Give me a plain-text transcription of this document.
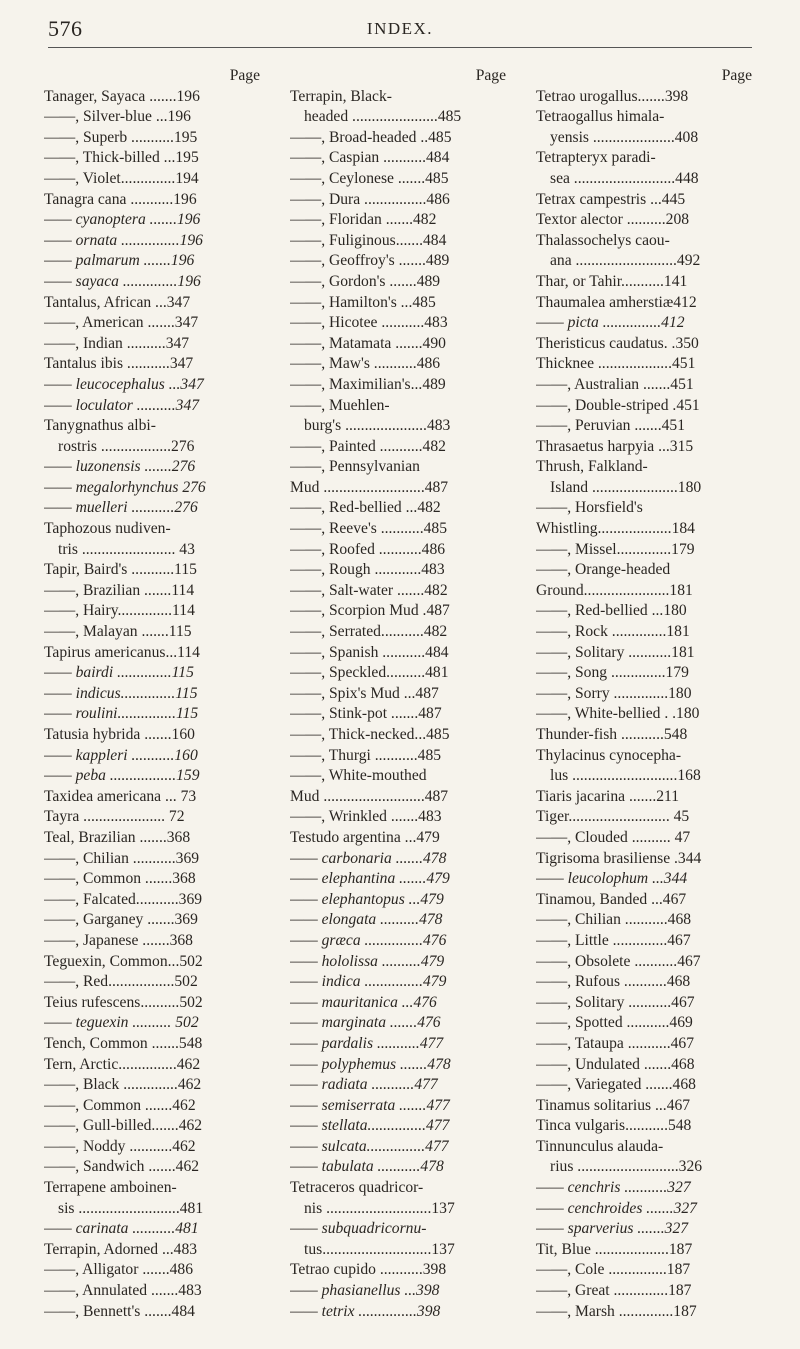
576	INDEX.
Page
Tanager, Sayaca .......196
——, Silver-blue ...196
——, Superb ...........195
——, Thick-billed ...195
——, Violet..............194
Tanagra cana ...........196
—— cyanoptera .......196
—— ornata ...............196
—— palmarum .......196
—— sayaca ..............196
Tantalus, African ...347
——, American .......347
——, Indian ..........347
Tantalus ibis ...........347
—— leucocephalus ...347
—— loculator ..........347
Tanygnathus albi-
rostris ..................276
—— luzonensis .......276
—— megalorhynchus 276
—— muelleri ...........276
Taphozous nudiven-
tris ........................ 43
Tapir, Baird's ...........115
——, Brazilian .......114
——, Hairy..............114
——, Malayan .......115
Tapirus americanus...114
—— bairdi ..............115
—— indicus..............115
—— roulini...............115
Tatusia hybrida .......160
—— kappleri ...........160
—— peba .................159
Taxidea americana ... 73
Tayra ..................... 72
Teal, Brazilian .......368
——, Chilian ...........369
——, Common .......368
——, Falcated...........369
——, Garganey .......369
——, Japanese .......368
Teguexin, Common...502
——, Red.................502
Teius rufescens..........502
—— teguexin .......... 502
Tench, Common .......548
Tern, Arctic...............462
——, Black ..............462
——, Common .......462
——, Gull-billed.......462
——, Noddy ...........462
——, Sandwich .......462
Terrapene amboinen-
sis ..........................481
—— carinata ...........481
Terrapin, Adorned ...483
——, Alligator .......486
——, Annulated .......483
——, Bennett's .......484
Page
Terrapin, Black-
headed ......................485
——, Broad-headed ..485
——, Caspian ...........484
——, Ceylonese .......485
——, Dura ................486
——, Floridan .......482
——, Fuliginous.......484
——, Geoffroy's .......489
——, Gordon's .......489
——, Hamilton's ...485
——, Hicotee ...........483
——, Matamata .......490
——, Maw's ...........486
——, Maximilian's...489
——, Muehlen-
burg's .....................483
——, Painted ...........482
——, Pennsylvanian
Mud ..........................487
——, Red-bellied ...482
——, Reeve's ...........485
——, Roofed ...........486
——, Rough ............483
——, Salt-water .......482
——, Scorpion Mud .487
——, Serrated...........482
——, Spanish ...........484
——, Speckled..........481
——, Spix's Mud ...487
——, Stink-pot .......487
——, Thick-necked...485
——, Thurgi ...........485
——, White-mouthed
Mud ..........................487
——, Wrinkled .......483
Testudo argentina ...479
—— carbonaria .......478
—— elephantina .......479
—— elephantopus ...479
—— elongata ..........478
—— græca ...............476
—— hololissa ..........479
—— indica ...............479
—— mauritanica ...476
—— marginata .......476
—— pardalis ...........477
—— polyphemus .......478
—— radiata ...........477
—— semiserrata .......477
—— stellata...............477
—— sulcata...............477
—— tabulata ...........478
Tetraceros quadricor-
nis ...........................137
—— subquadricornu-
tus............................137
Tetrao cupido ...........398
—— phasianellus ...398
—— tetrix ...............398
Page
Tetrao urogallus.......398
Tetraogallus himala-
yensis .....................408
Tetrapteryx paradi-
sea ..........................448
Tetrax campestris ...445
Textor alector ..........208
Thalassochelys caou-
ana ..........................492
Thar, or Tahir...........141
Thaumalea amherstiæ412
—— picta ...............412
Theristicus caudatus. .350
Thicknee ...................451
——, Australian .......451
——, Double-striped .451
——, Peruvian .......451
Thrasaetus harpyia ...315
Thrush, Falkland-
Island ......................180
——, Horsfield's
Whistling...................184
——, Missel..............179
——, Orange-headed
Ground......................181
——, Red-bellied ...180
——, Rock ..............181
——, Solitary ...........181
——, Song ..............179
——, Sorry ..............180
——, White-bellied . .180
Thunder-fish ...........548
Thylacinus cynocepha-
lus ...........................168
Tiaris jacarina .......211
Tiger.......................... 45
——, Clouded .......... 47
Tigrisoma brasiliense .344
—— leucolophum ...344
Tinamou, Banded ...467
——, Chilian ...........468
——, Little ..............467
——, Obsolete ...........467
——, Rufous ...........468
——, Solitary ...........467
——, Spotted ...........469
——, Tataupa ...........467
——, Undulated .......468
——, Variegated .......468
Tinamus solitarius ...467
Tinca vulgaris...........548
Tinnunculus alauda-
rius ..........................326
—— cenchris ...........327
—— cenchroides .......327
—— sparverius .......327
Tit, Blue ...................187
——, Cole ...............187
——, Great ..............187
——, Marsh ..............187
